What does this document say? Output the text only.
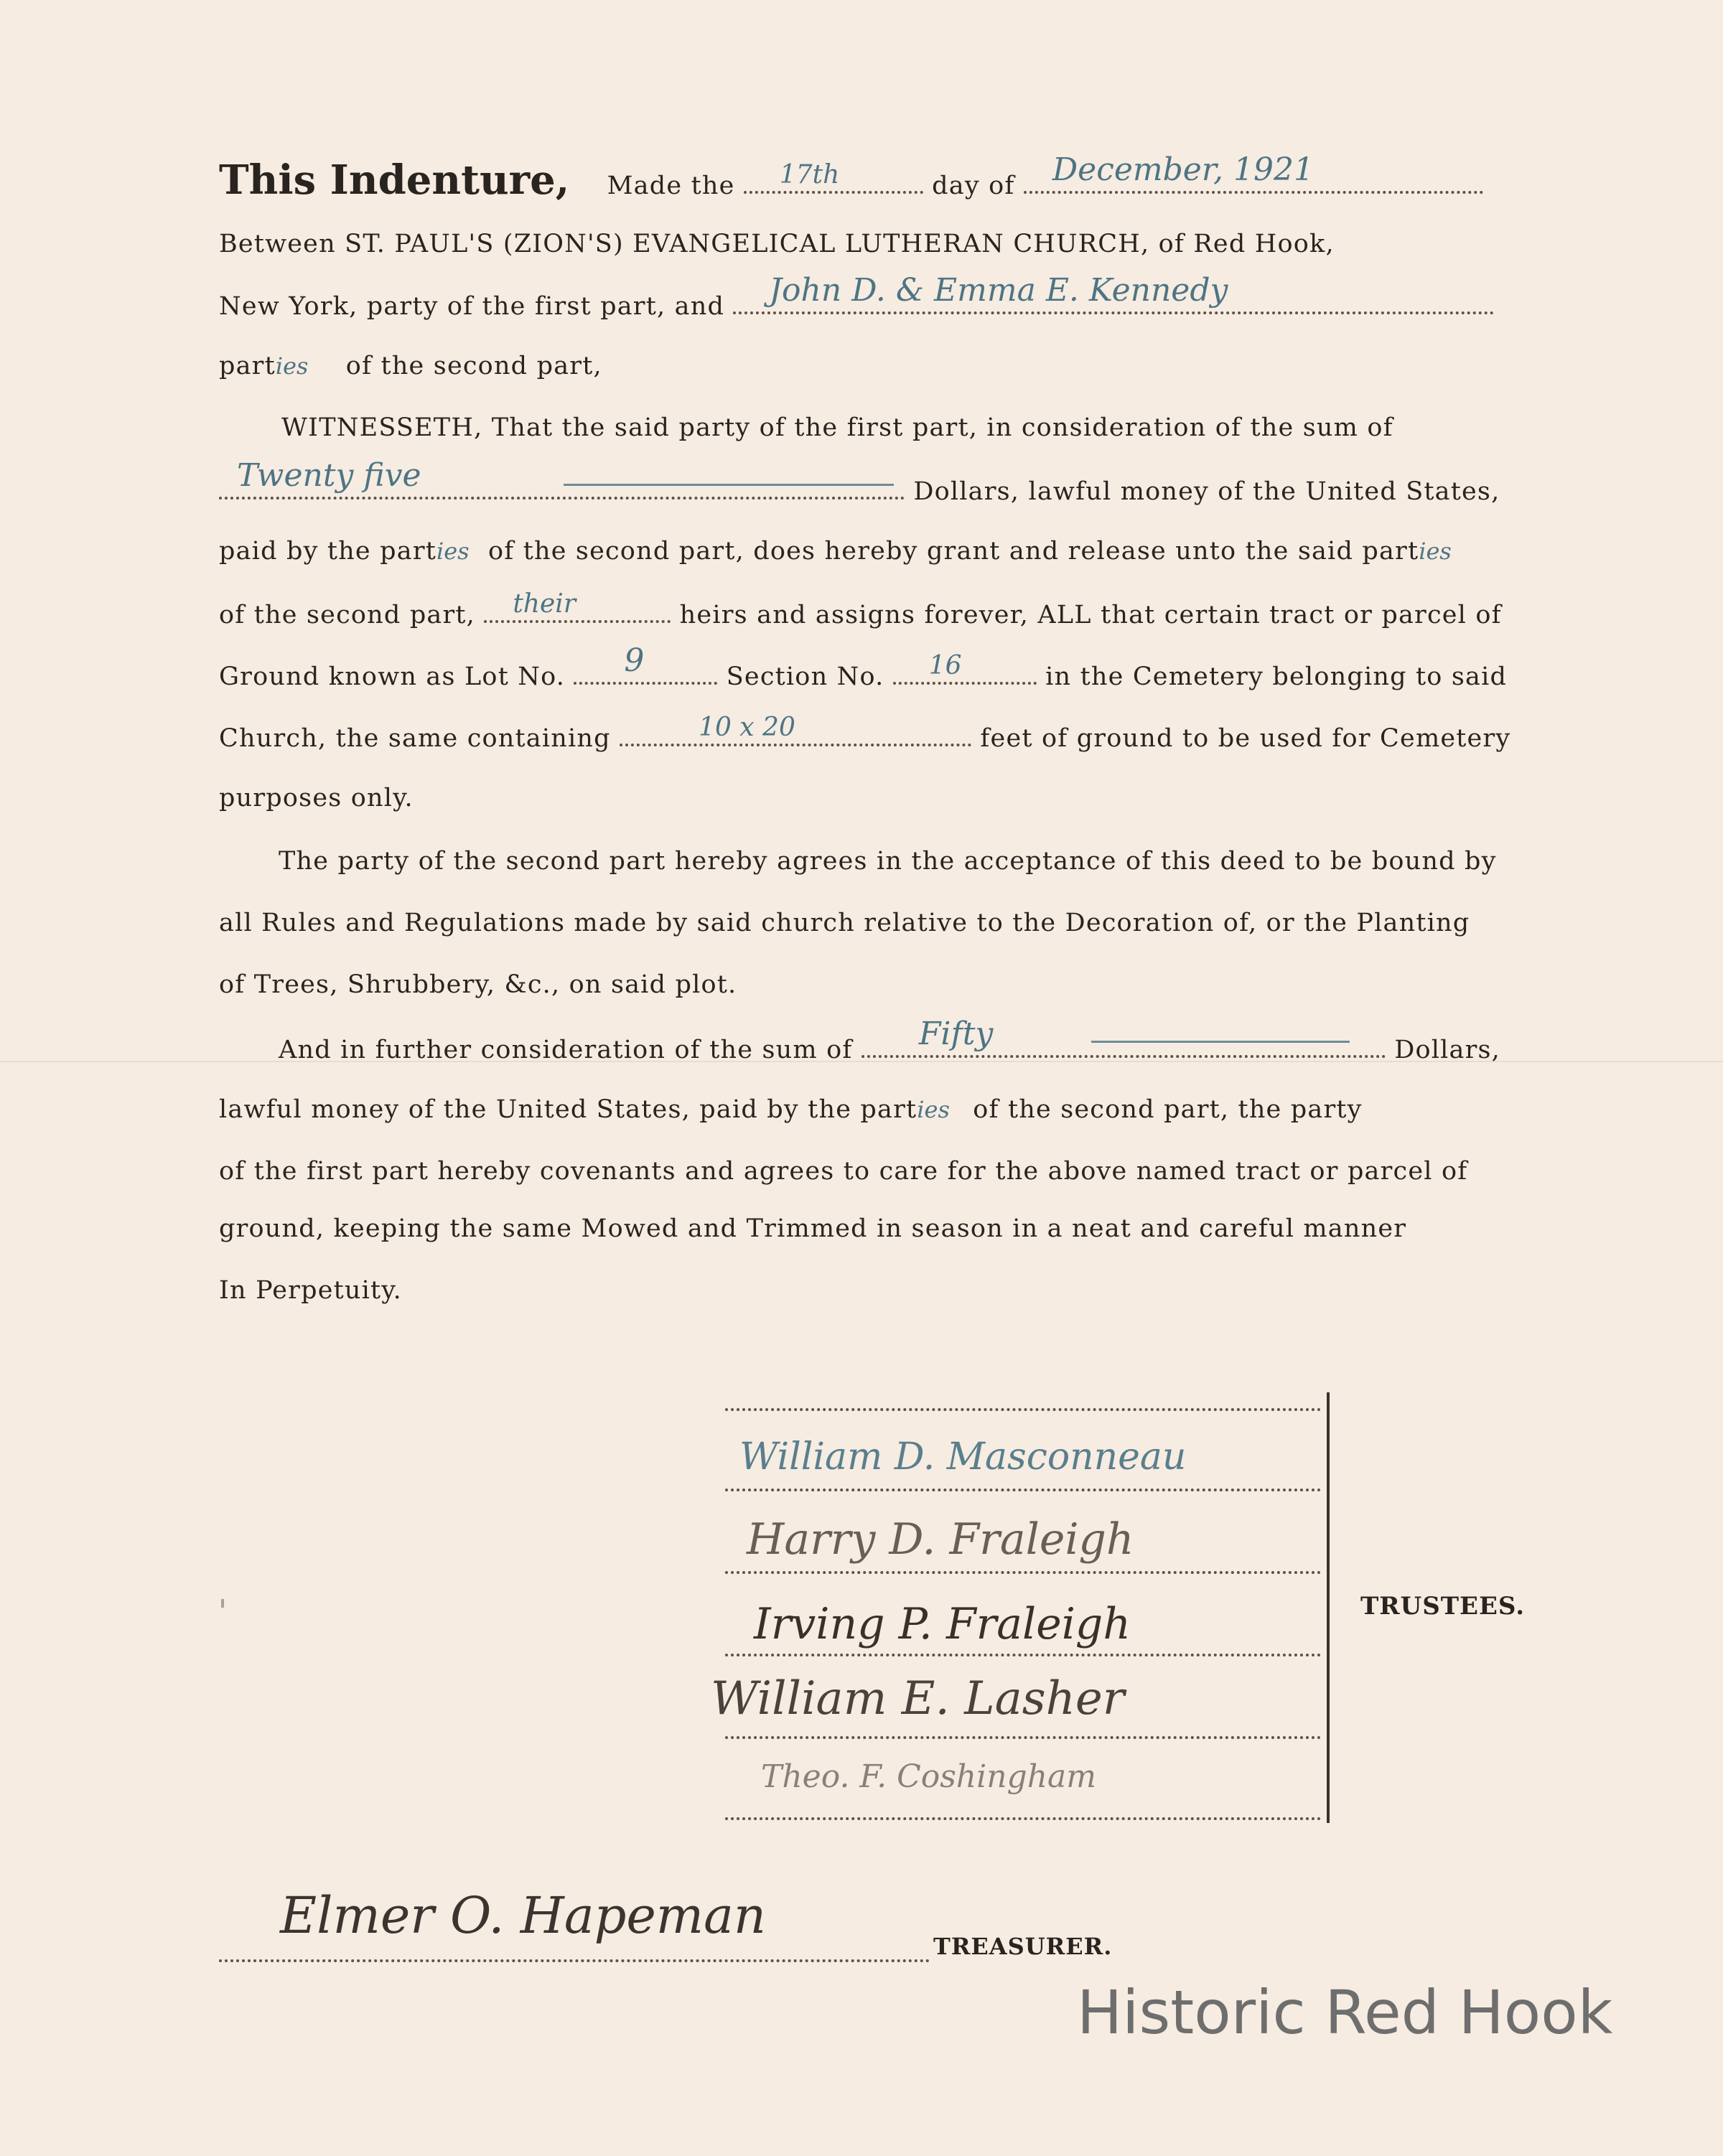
This Indenture, Made the 17th	day of December, 1921
Between ST. PAUL'S (ZION'S) EVANGELICAL LUTHERAN CHURCH, of Red Hook,
New York, party of the first part, and John D. & Emma E. Kennedy
parties of the second part,
WITNESSETH, That the said party of the first part, in consideration of the sum of
Twenty five	Dollars, lawful money of the United States,
paid by the parties of the second part, does hereby grant and release unto the said parties
of the second part, their	heirs and assigns forever, ALL that certain tract or parcel of
Ground known as Lot No. 9	Section No. 16	in the Cemetery belonging to said
Church, the same containing	10 x 20	feet of ground to be used for Cemetery
purposes only.
The party of the second part hereby agrees in the acceptance of this deed to be bound by
all Rules and Regulations made by said church relative to the Decoration of, or the Planting
of Trees, Shrubbery, &c., on said plot.
And in further consideration of the sum of Fifty	Dollars,
lawful money of the United States, paid by the parties of the second part, the party
of the first part hereby covenants and agrees to care for the above named tract or parcel of
ground, keeping the same Mowed and Trimmed in season in a neat and careful manner
In Perpetuity.
William D. Masconneau
Harry D. Fraleigh
Irving P. Fraleigh
William E. Lasher
Theo. F. Coshingham
TRUSTEES.
Elmer O. Hapeman
TREASURER.
Historic Red Hook
